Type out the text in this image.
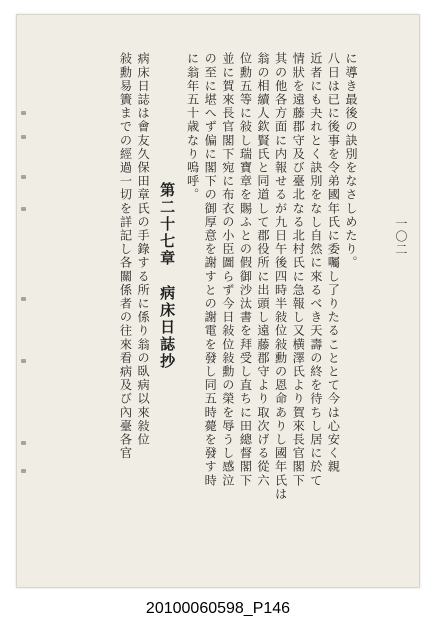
一〇二
に導き最後の訣別をなさしめたり。
八日は已に後事を令弟國年氏に委囑し了りたることとて今は心安く親
近者にも夬れとく訣別をなし自然に來るべき天壽の終を待ちし居に於て
情狀を遠藤郡守及び臺北なる北村氏に急報し又横澤氏より賀來長官閣下
其の他各方面に内報せるが九日午後四時半敍位敍勳の恩命ありし國年氏は
翁の相續人欽賢氏と同道して郡役所に出頭し遠藤郡守より取次げる從六
位勳五等に敍し瑞寶章を賜ふとの假御沙汰書を拜受し直ちに田總督閣下
並に賀來長官閣下宛に布衣の小臣圖らず今日敍位敍勳の榮を辱うし感泣
の至に堪へず偏に閣下の御厚意を謝すとの謝電を發し同五時薨を發す時
に翁年五十歳なり嗚呼。
第二十七章病床日誌抄
病床日誌は會友久保田章氏の手錄する所に係り翁の臥病以來敍位
敍勳易簀までの經過一切を詳記し各關係者の往來看病及び內臺各官
20100060598_P146
